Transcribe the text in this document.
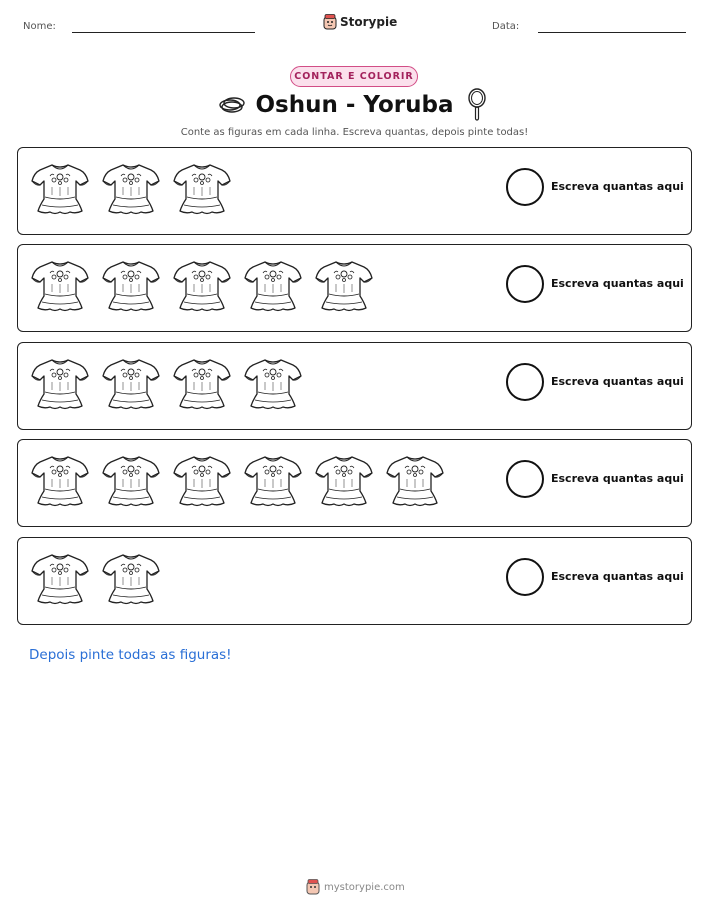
Nome:	Storypie	Data:
CONTAR E COLORIR
Oshun - Yoruba
Conte as figuras em cada linha. Escreva quantas, depois pinte todas!
Escreva quantas aqui
Escreva quantas aqui
Escreva quantas aqui
Escreva quantas aqui
Escreva quantas aqui
Depois pinte todas as figuras!
mystorypie.com
